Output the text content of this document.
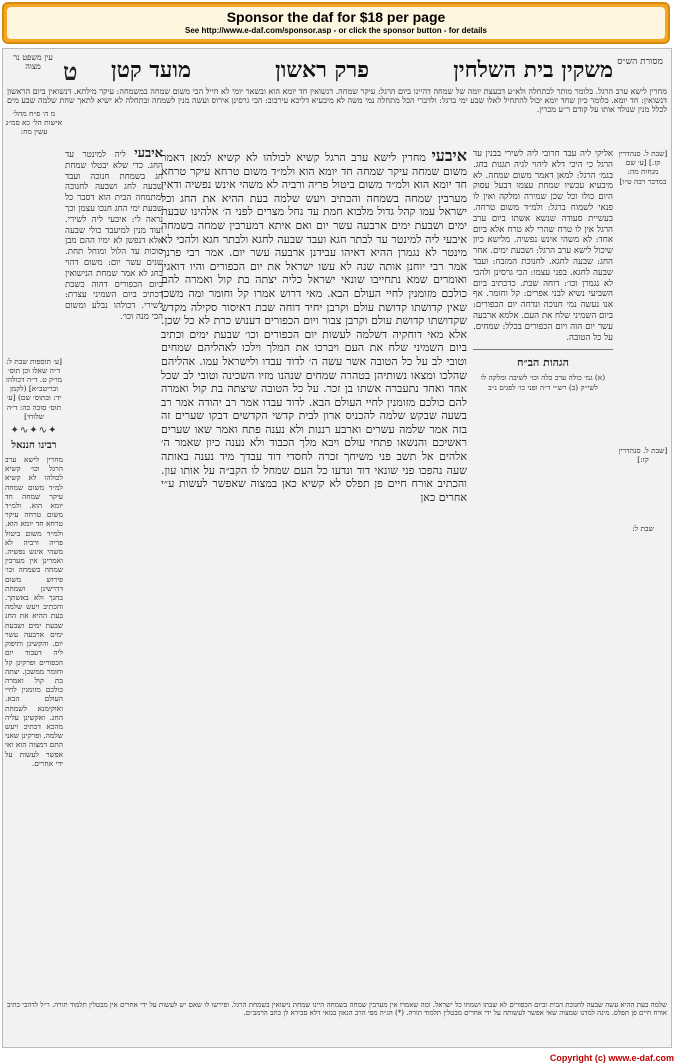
Sponsor the daf for $18 per page
See http://www.e-daf.com/sponsor.asp - or click the sponsor button - for details
מסורת הש״ס
משקין בית השלחין
פרק ראשון
מועד קטן
ט
עין משפט נר מצוה
מחרין לישא ערב הרגל. כלומר מותר לכתחלה ולא״ע דבעצת יומה של שמחה דהיינו ביום הרגל: עיקר שמחה. דנשואין חד יומא הוא ובשאר יומי לא חייל הכי משום שמחה במשמחה: עיקר מילתא. דנשואין ביום הראשון דנשואין: חד יומא. כלומר כיון שחד יומא יכול להתחיל לאלו שבע ימי ברגל: ולדברי הכל מתחלה נמי משה לא מיבעיא דליכא עירבוב: הכי גרסינן אירוס ועשה מנין לשמחה ובתחלה לא ישיא לתאך שחת שלמה שבע מים לכלל מנין שנולד אותו על קודם ר״ע מכרין.
[שבת ל. סנהדרין קז.] [ע׳ שם מנחות מה: במדבר רבה ט״ו]
[שבת ל. סנהדרין קז:]
שבת ל:
אליקי ליה עבד חרובי ליה לשירי בבנין עד הרגל כי היכי דלא ליהוי לגיה תגנות בחג. בגמ׳ הרגל: למאן דאמר משום שמחה. לא מיבעיא עכשיו שמחת עצמו דבעל עסוק היום כולו וכל שכן שמירה ומלקה ואין לו פנאי לשמוח ברגל: ולמ״ד משום טרחה. בעשיית סעודה שנשא אשתו ביום ערב הרגל אין לו טרח שהרי לא טרח אלא ביום אחד: לא משהי אינש נפשיה. מלישא כיון שיכול לישא ערב הרגל: ושבעת ימים. אחר החג: שבעה לחגא. לחנוכת המזבח: ועבד שבעה לחגא. בפני עצמו: הכי גרסינן ולהכי לא נגמרן וכו׳: דוחה שבת. כדכתיב ביום השביעי נשיא לבני אפרים: קל וחומר. אף אנו נעשה נמי חנוכה ונדחה יום הכפורים: ביום השמיני שלח את העם. אלמא ארבעה עשר יום הוה ויום הכפורים בכלל: שמחים. על כל הטובה.
הגהות הב״ח
(א) גמ׳ כולה ערב כלה וכו׳ לשיבה ומלקה לו לשי״ק (ב) רש״י ד״ה ופני כו׳ לפגים נ״ב
איבעי מחרין לישא ערב הרגל קשיא לכולהו לא קשיא למאן דאמר משום שמחה עיקר שמחה חד יומא הוא ולמ״ד משום טרחא עיקר טרחא חד יומא הוא ולמ״ד משום ביטול פריה ורביה לא משהי אינש נפשיה ודאין מערבין שמחה בשמחה והכתיב ויעש שלמה בעת ההיא את החג וכל ישראל עמו קהל גדול מלבוא חמת עד נחל מצרים לפני ה׳ אלהינו שבעת ימים ושבעת ימים ארבעה עשר יום ואם איתא דמערבין שמחה בשמחה איבעי ליה למינטר עד לבתר חגא ועבד שבעה לחגא ולבתר חגא ולהכי לא מינטר לא נגמרן ההיא דאיהו עבידנן ארבעה עשר יום. אמר רבי פרנך אמר רבי יוחנן אותה שנה לא עשו ישראל את יום הכפורים והיו דואגין ואומרים שמא נתחייבו שונאי ישראל כליה יצתה בת קול ואמרה להם כולכם מזומנין לחיי העולם הבא. מאי דרוש אמרו קל וחומר ומה משכן שאין קדושתו קדושת עולם וקרבן יחיד דוחה שבת דאיסור סקילה מקדש שקדושתו קדושת עולם וקרבן צבור ויום הכפורים דענוש כרת לא כל שכן. אלא מאי דוחקיה דשלמה לעשות יום הכפורים וכו׳ שבעת ימים וכתיב ביום השמיני שלח את העם ויברכו את המלך וילכו לאהליהם שמחים וטובי לב על כל הטובה אשר עשה ה׳ לדוד עבדו ולישראל עמו. אהליהם שהלכו ומצאו נשותיהן בטהרה שמחים שנהנו מזיו השכינה וטובי לב שכל אחד ואחד נתעברה אשתו בן זכר. על כל הטובה שיצתה בת קול ואמרה להם כולכם מזומנין לחיי העולם הבא. לדוד עבדו אמר רב יהודה אמר רב בשעה שבקש שלמה להכניס ארון לבית קדשי הקדשים דבקו שערים זה בזה אמר שלמה עשרים וארבע רננות ולא נענה פתח ואמר שאו שערים ראשיכם והנשאו פתחי עולם ויבא מלך הכבוד ולא נענה כיון שאמר ה׳ אלהים אל תשב פני משיחך זכרה לחסדי דוד עבדך מיד נענה באותה שעה נהפכו פני שונאי דוד ונדעו כל העם שמחל לו הקב״ה על אותו עון. והכתיב אורח חיים פן תפלס לא קשיא כאן במצוה שאפשר לעשות ע״י אחרים כאן
איבעי ליה למינטר עד החג. כדי שלא יבטלו שמחת חג בשמחת חנוכה ועבד שבעה לחג ושבעה לחנוכה ומתמחה הבית הוא דסבר כל שבעת ימי החג חנכו עצמן וכך נראה לי: איבעי ליה לשירי. ועוד מנין למיעבד כולי שבעה אלא דנפשן לא ימיו ההם מבן סוכות עד הלול ומוחל תחת. שנים עשר יום: משום דהוי בחג לא אמר שמחת הנישואין ביום הכפורים דהוה כשבת דכתיב ביום השמיני עצרת: לשירי. דכולהו נבלע ומשום הכי מנה וכו׳.
מ ה׳ פ״ח מהל׳ אישות הל׳ כא סמ״ג עשין מח:
[ע׳ תוספות שבת ל: ד״ה שאלו וכן תוס׳ מו״ק ט. ד״ה דכולהו ובריטב״א] (לקמן יד: ובתוס׳ שם) [ע׳ תוס׳ סוכה כה: ד״ה שלוחי]
✦∿✦∿✦
רבינו חננאל
מחרין לישא ערב הרגל וכו׳ קשיא לכולהו לא קשיא למ״ד משום שמחה עיקר שמחה חד יומא הוא. ולמ״ד משום טרחה עיקר טרחא חד יומא הוא. ולמ״ד משום ביטול פריה ורביה לא משהי אינש נפשיה. ואמרינן אין מערבין שמחה בשמחה וכו׳ פירוש משום דדרשינן ושמחת בחגך ולא באשתך. והכתיב ויעש שלמה בעת ההיא את החג שבעת ימים ושבעת ימים ארבעה עשר יום. והקשינן ותיפוק ליה דעבוד יום הכפורים ופרקינן קל וחומר ממשכן. יצתה בת קול ואמרה כולכם מזומנין לחיי העולם הבא. ואוקימנא לשמחת החג. ואקשינן עליה מהכא דכתיב ויעש שלמה. ופרקינן שאני התם דמצוה הוא ואי אפשר לעשות על ידי אחרים.
שלמה בעת ההיא עשה שבעה לחנוכת הבית וביום הכפורים לא שבתו ושמחו כל ישראל. ומה שאמרו אין מערבין שמחה בשמחה היינו שמחת נישואין בשמחת הרגל. ופירשו לו שאם יש לעשות על ידי אחרים אין מבטלין תלמוד תורה. ר״ל לדהכי כתיב אורח חיים פן תפלס. מינה למדנו שמצוה שאי אפשר לעשותה על ידי אחרים מבטלין תלמוד תורה. (*) הג״ה מפי הרב הגאון במאי דלא סבירא לן כתב הרמב״ם.
Copyright (c) www.e-daf.com
